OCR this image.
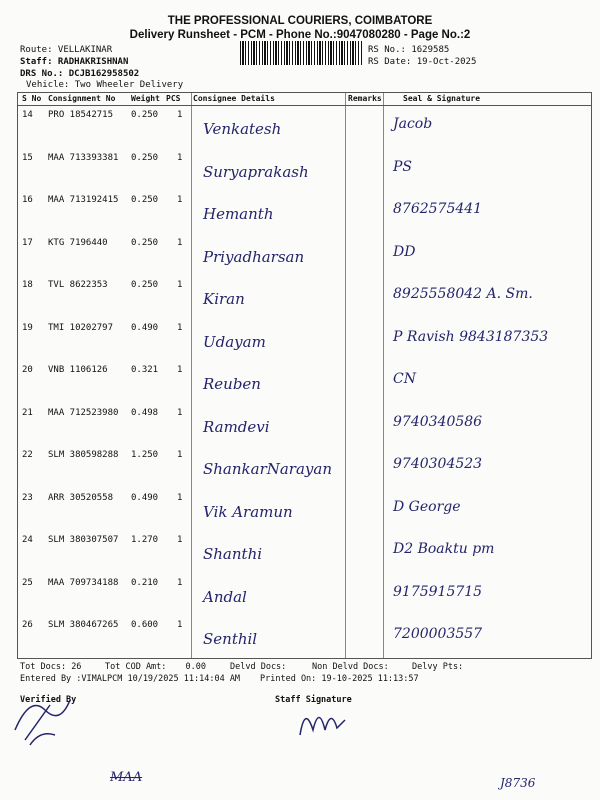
THE PROFESSIONAL COURIERS, COIMBATORE
Delivery Runsheet - PCM - Phone No.:9047080280 - Page No.:2
Route: VELLAKINAR
Staff: RADHAKRISHNAN
DRS No.: DCJB162958502
Vehicle: Two Wheeler Delivery
RS No.: 1629585
RS Date: 19-Oct-2025
S No Consignment No Weight PCS Consignee Details	Remarks	Seal & Signature
14 PRO 18542715 0.250 1
Venkatesh	Jacob
15 MAA 713393381 0.250 1
Suryaprakash	PS
16 MAA 713192415 0.250 1
Hemanth	8762575441
17 KTG 7196440	0.250 1
Priyadharsan	DD
18 TVL 8622353	0.250 1
Kiran	8925558042 A. Sm.
19 TMI 10202797 0.490 1
Udayam	P Ravish 9843187353
20 VNB 1106126	0.321 1
Reuben	CN
21 MAA 712523980 0.498 1
Ramdevi	9740340586
22 SLM 380598288 1.250 1
ShankarNarayan	9740304523
23 ARR 30520558 0.490 1
Vik Aramun	D George
24 SLM 380307507 1.270 1
Shanthi	D2 Boaktu pm
25 MAA 709734188 0.210 1
Andal	9175915715
26 SLM 380467265 0.600 1
Senthil	7200003557
Tot Docs: 26	Tot COD Amt: 0.00	Delvd Docs:	Non Delvd Docs:	Delvy Pts:
Entered By :VIMALPCM 10/19/2025 11:14:04 AM Printed On: 19-10-2025 11:13:57
Verified By	Staff Signature
MAA	J8736
